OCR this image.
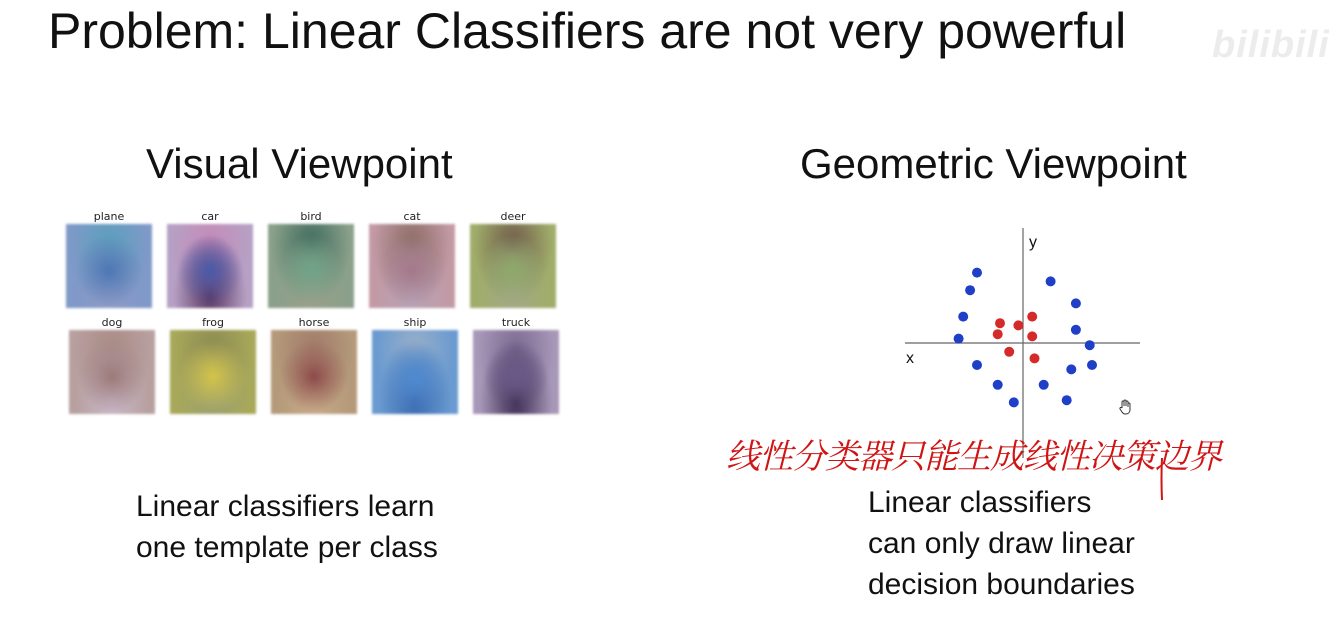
Problem: Linear Classifiers are not very powerful bilibili
Visual Viewpoint	Geometric Viewpoint
plane	car	bird	cat	deer
dog	frog	horse	ship	truck
Linear classifiers learn
one template per class
x
y
线性分类器只能生成线性决策边界
Linear classifiers
can only draw linear
decision boundaries
